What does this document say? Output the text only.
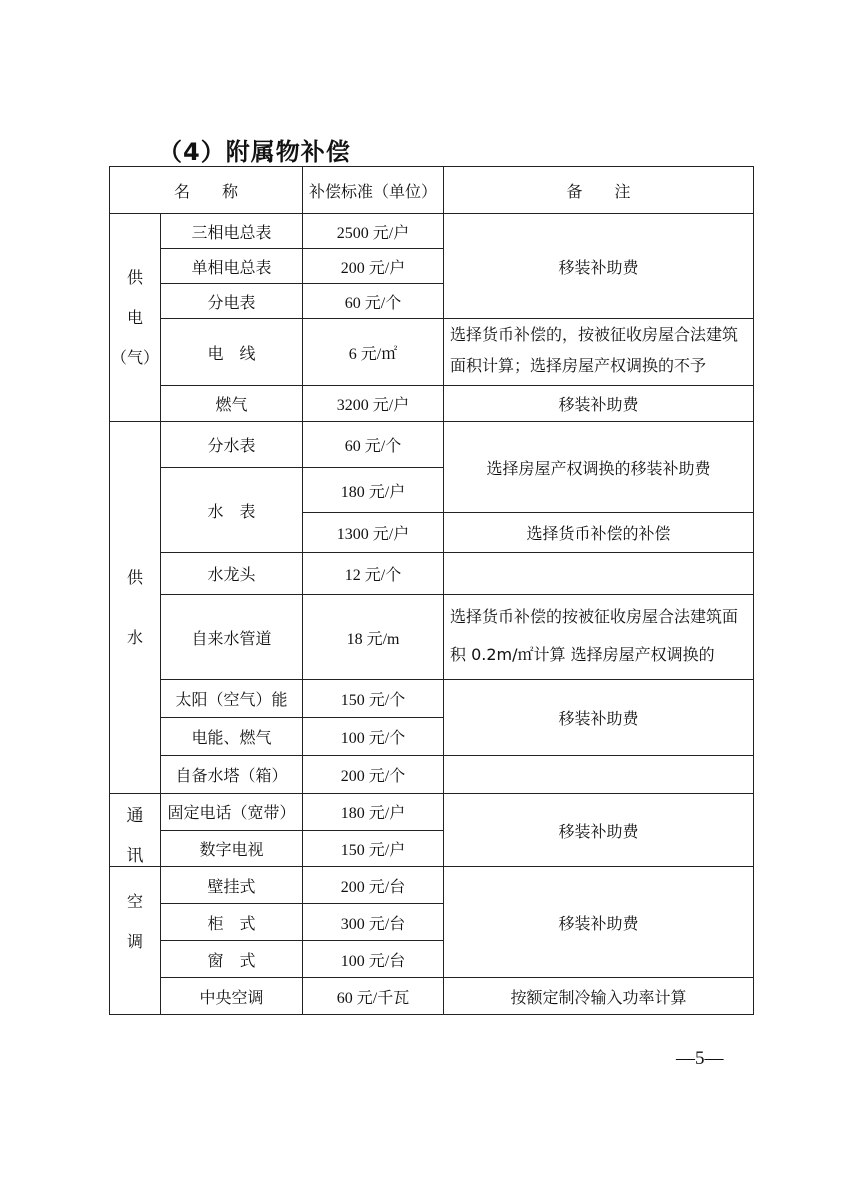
（4）附属物补偿
名　　称		补偿标准（单位）	备　　注

供
电
（气）	三相电总表	2500 元/户	移装补助费
	单相电总表	200 元/户	
	分电表	60 元/个	
	电　线	6 元/㎡	选择货币补偿的，按被征收房屋合法建筑面积计算；选择房屋产权调换的不予

	燃气	3200 元/户	移装补助费

供
水	分水表	60 元/个	选择房屋产权调换的移装补助费
	水　表	180 元/户	
		1300 元/户	选择货币补偿的补偿
	水龙头	12 元/个	
	自来水管道	18 元/m	选择货币补偿的按被征收房屋合法建筑面积 0.2m/㎡计算 选择房屋产权调换的

	太阳（空气）能	150 元/个	移装补助费
	电能、燃气	100 元/个	
	自备水塔（箱）	200 元/个	

通
讯	固定电话（宽带）	180 元/户	移装补助费
	数字电视	150 元/户	

空
调	壁挂式	200 元/台	移装补助费
	柜　式	300 元/台	
	窗　式	100 元/台	
	中央空调	60 元/千瓦	按额定制冷输入功率计算
—5—
